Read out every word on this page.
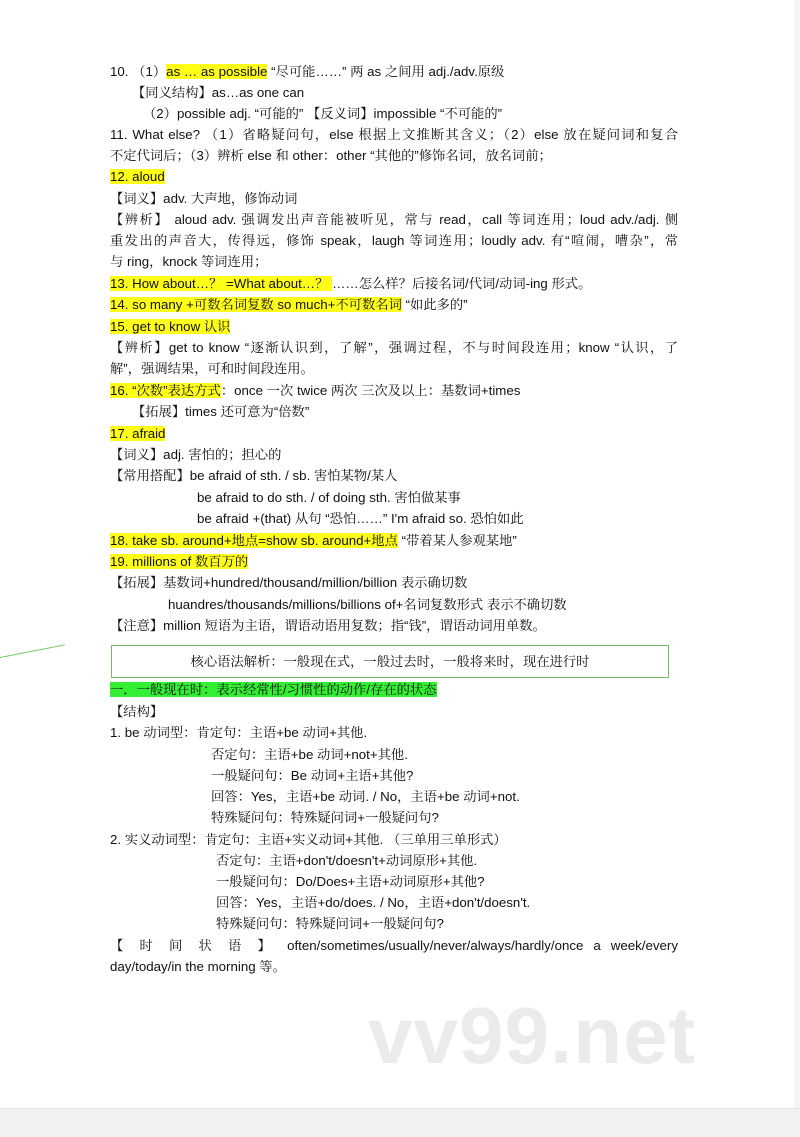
10. （1）as … as possible “尽可能……” 两 as 之间用 adj./adv.原级
【同义结构】as…as one can
（2）possible adj. “可能的” 【反义词】impossible “不可能的”
11. What else? （1）省略疑问句，else 根据上文推断其含义；（2）else 放在疑问词和复合
不定代词后；（3）辨析 else 和 other：other “其他的”修饰名词，放名词前；
12. aloud
【词义】adv. 大声地，修饰动词
【辨析】 aloud adv. 强调发出声音能被听见，常与 read，call 等词连用；loud adv./adj. 侧
重发出的声音大，传得远，修饰 speak，laugh 等词连用；loudly adv. 有“喧闹，嘈杂”，常
与 ring，knock 等词连用；
13. How about…？ =What about…？ ……怎么样？后接名词/代词/动词-ing 形式。
14. so many +可数名词复数 so much+不可数名词 “如此多的”
15. get to know 认识
【辨析】get to know “逐渐认识到，了解”，强调过程，不与时间段连用；know “认识，了
解”，强调结果，可和时间段连用。
16. “次数”表达方式：once 一次 twice 两次 三次及以上：基数词+times
【拓展】times 还可意为“倍数”
17. afraid
【词义】adj. 害怕的；担心的
【常用搭配】be afraid of sth. / sb. 害怕某物/某人
be afraid to do sth. / of doing sth. 害怕做某事
be afraid +(that) 从句 “恐怕……” I'm afraid so. 恐怕如此
18. take sb. around+地点=show sb. around+地点 “带着某人参观某地”
19. millions of 数百万的
【拓展】基数词+hundred/thousand/million/billion 表示确切数
huandres/thousands/millions/billions of+名词复数形式 表示不确切数
【注意】million 短语为主语，谓语动语用复数；指“钱”，谓语动词用单数。
核心语法解析：一般现在式，一般过去时，一般将来时，现在进行时
一．一般现在时：表示经常性/习惯性的动作/存在的状态
【结构】
1. be 动词型：肯定句：主语+be 动词+其他.
否定句：主语+be 动词+not+其他.
一般疑问句：Be 动词+主语+其他?
回答：Yes，主语+be 动词. / No，主语+be 动词+not.
特殊疑问句：特殊疑问词+一般疑问句?
2. 实义动词型：肯定句：主语+实义动词+其他. （三单用三单形式）
否定句：主语+don't/doesn't+动词原形+其他.
一般疑问句：Do/Does+主语+动词原形+其他?
回答：Yes，主语+do/does. / No，主语+don't/doesn't.
特殊疑问句：特殊疑问词+一般疑问句?
【 时 间 状 语 】 often/sometimes/usually/never/always/hardly/once a week/every
day/today/in the morning 等。
vv99.net
